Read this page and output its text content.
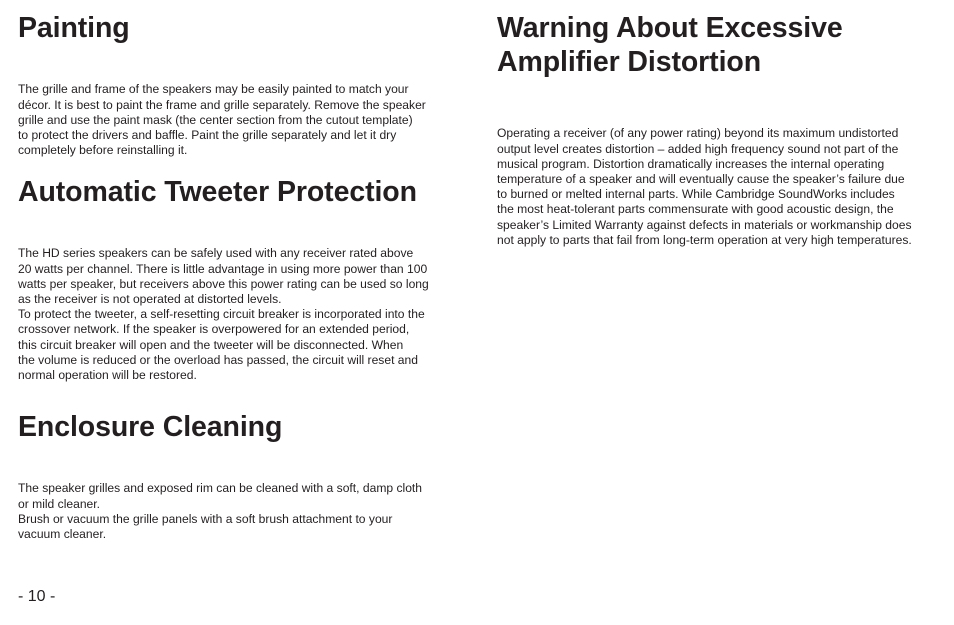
Painting

The grille and frame of the speakers may be easily painted to match your
décor. It is best to paint the frame and grille separately. Remove the speaker
grille and use the paint mask (the center section from the cutout template)
to protect the drivers and baffle. Paint the grille separately and let it dry
completely before reinstalling it.

Automatic Tweeter Protection

The HD series speakers can be safely used with any receiver rated above
20 watts per channel. There is little advantage in using more power than 100
watts per speaker, but receivers above this power rating can be used so long
as the receiver is not operated at distorted levels.
To protect the tweeter, a self-resetting circuit breaker is incorporated into the
crossover network. If the speaker is overpowered for an extended period,
this circuit breaker will open and the tweeter will be disconnected. When
the volume is reduced or the overload has passed, the circuit will reset and
normal operation will be restored.

Enclosure Cleaning

The speaker grilles and exposed rim can be cleaned with a soft, damp cloth
or mild cleaner.
Brush or vacuum the grille panels with a soft brush attachment to your
vacuum cleaner.

Warning About Excessive
Amplifier Distortion

Operating a receiver (of any power rating) beyond its maximum undistorted
output level creates distortion – added high frequency sound not part of the
musical program. Distortion dramatically increases the internal operating
temperature of a speaker and will eventually cause the speaker’s failure due
to burned or melted internal parts. While Cambridge SoundWorks includes
the most heat-tolerant parts commensurate with good acoustic design, the
speaker’s Limited Warranty against defects in materials or workmanship does
not apply to parts that fail from long-term operation at very high temperatures.

- 10 -
